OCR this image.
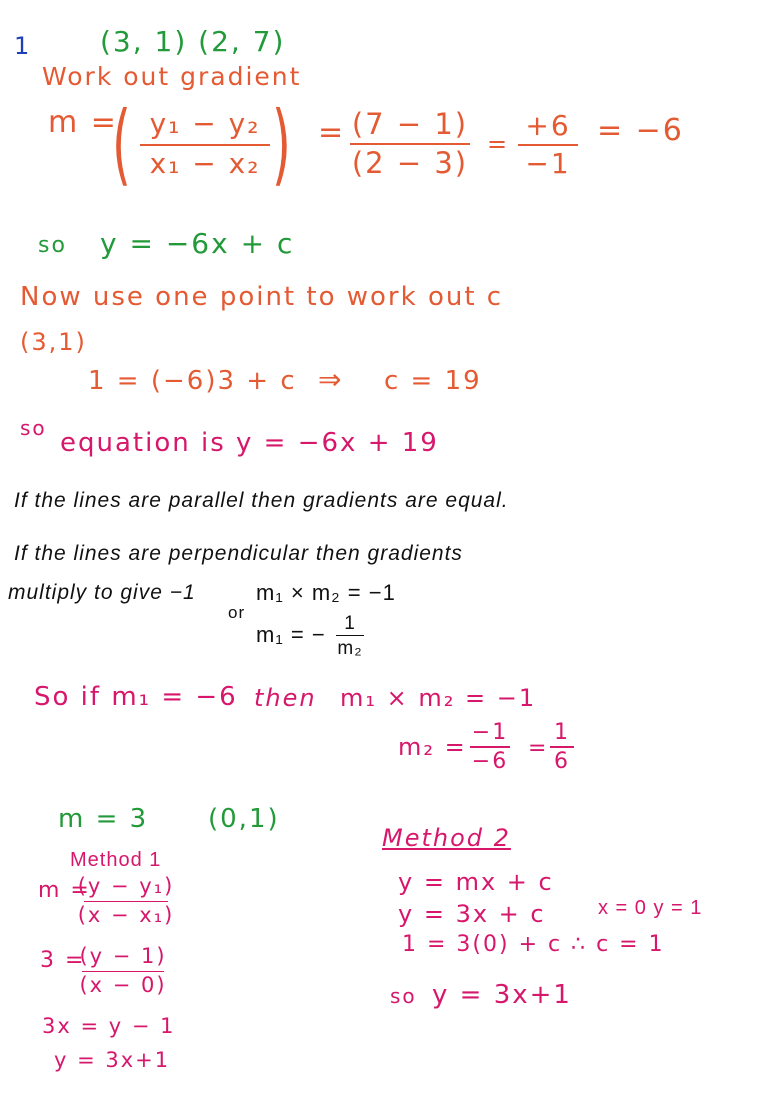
1 (3, 1) (2, 7)
Work out gradient
m =
( y₁ − y₂
x₁ − x₂ ) = (7 − 1)
(2 − 3)
=
+6
−1
= −6
so y = −6x + c
Now use one point to work out c
(3,1)
1 = (−6)3 + c ⇒ c = 19
so equation is y = −6x + 19
If the lines are parallel then gradients are equal.
If the lines are perpendicular then gradients
multiply to give −1
or
m₁ × m₂ = −1
m₁ = − 1
m₂
So if m₁ = −6 then m₁ × m₂ = −1
m₂ =
−1
−6
=
1
6
m = 3 (0,1)
Method 1
m =
(y − y₁)
(x − x₁)
3 =
(y − 1)
(x − 0)
3x = y − 1
y = 3x+1
Method 2
y = mx + c
y = 3x + c	x = 0 y = 1
1 = 3(0) + c ∴ c = 1
so y = 3x+1
